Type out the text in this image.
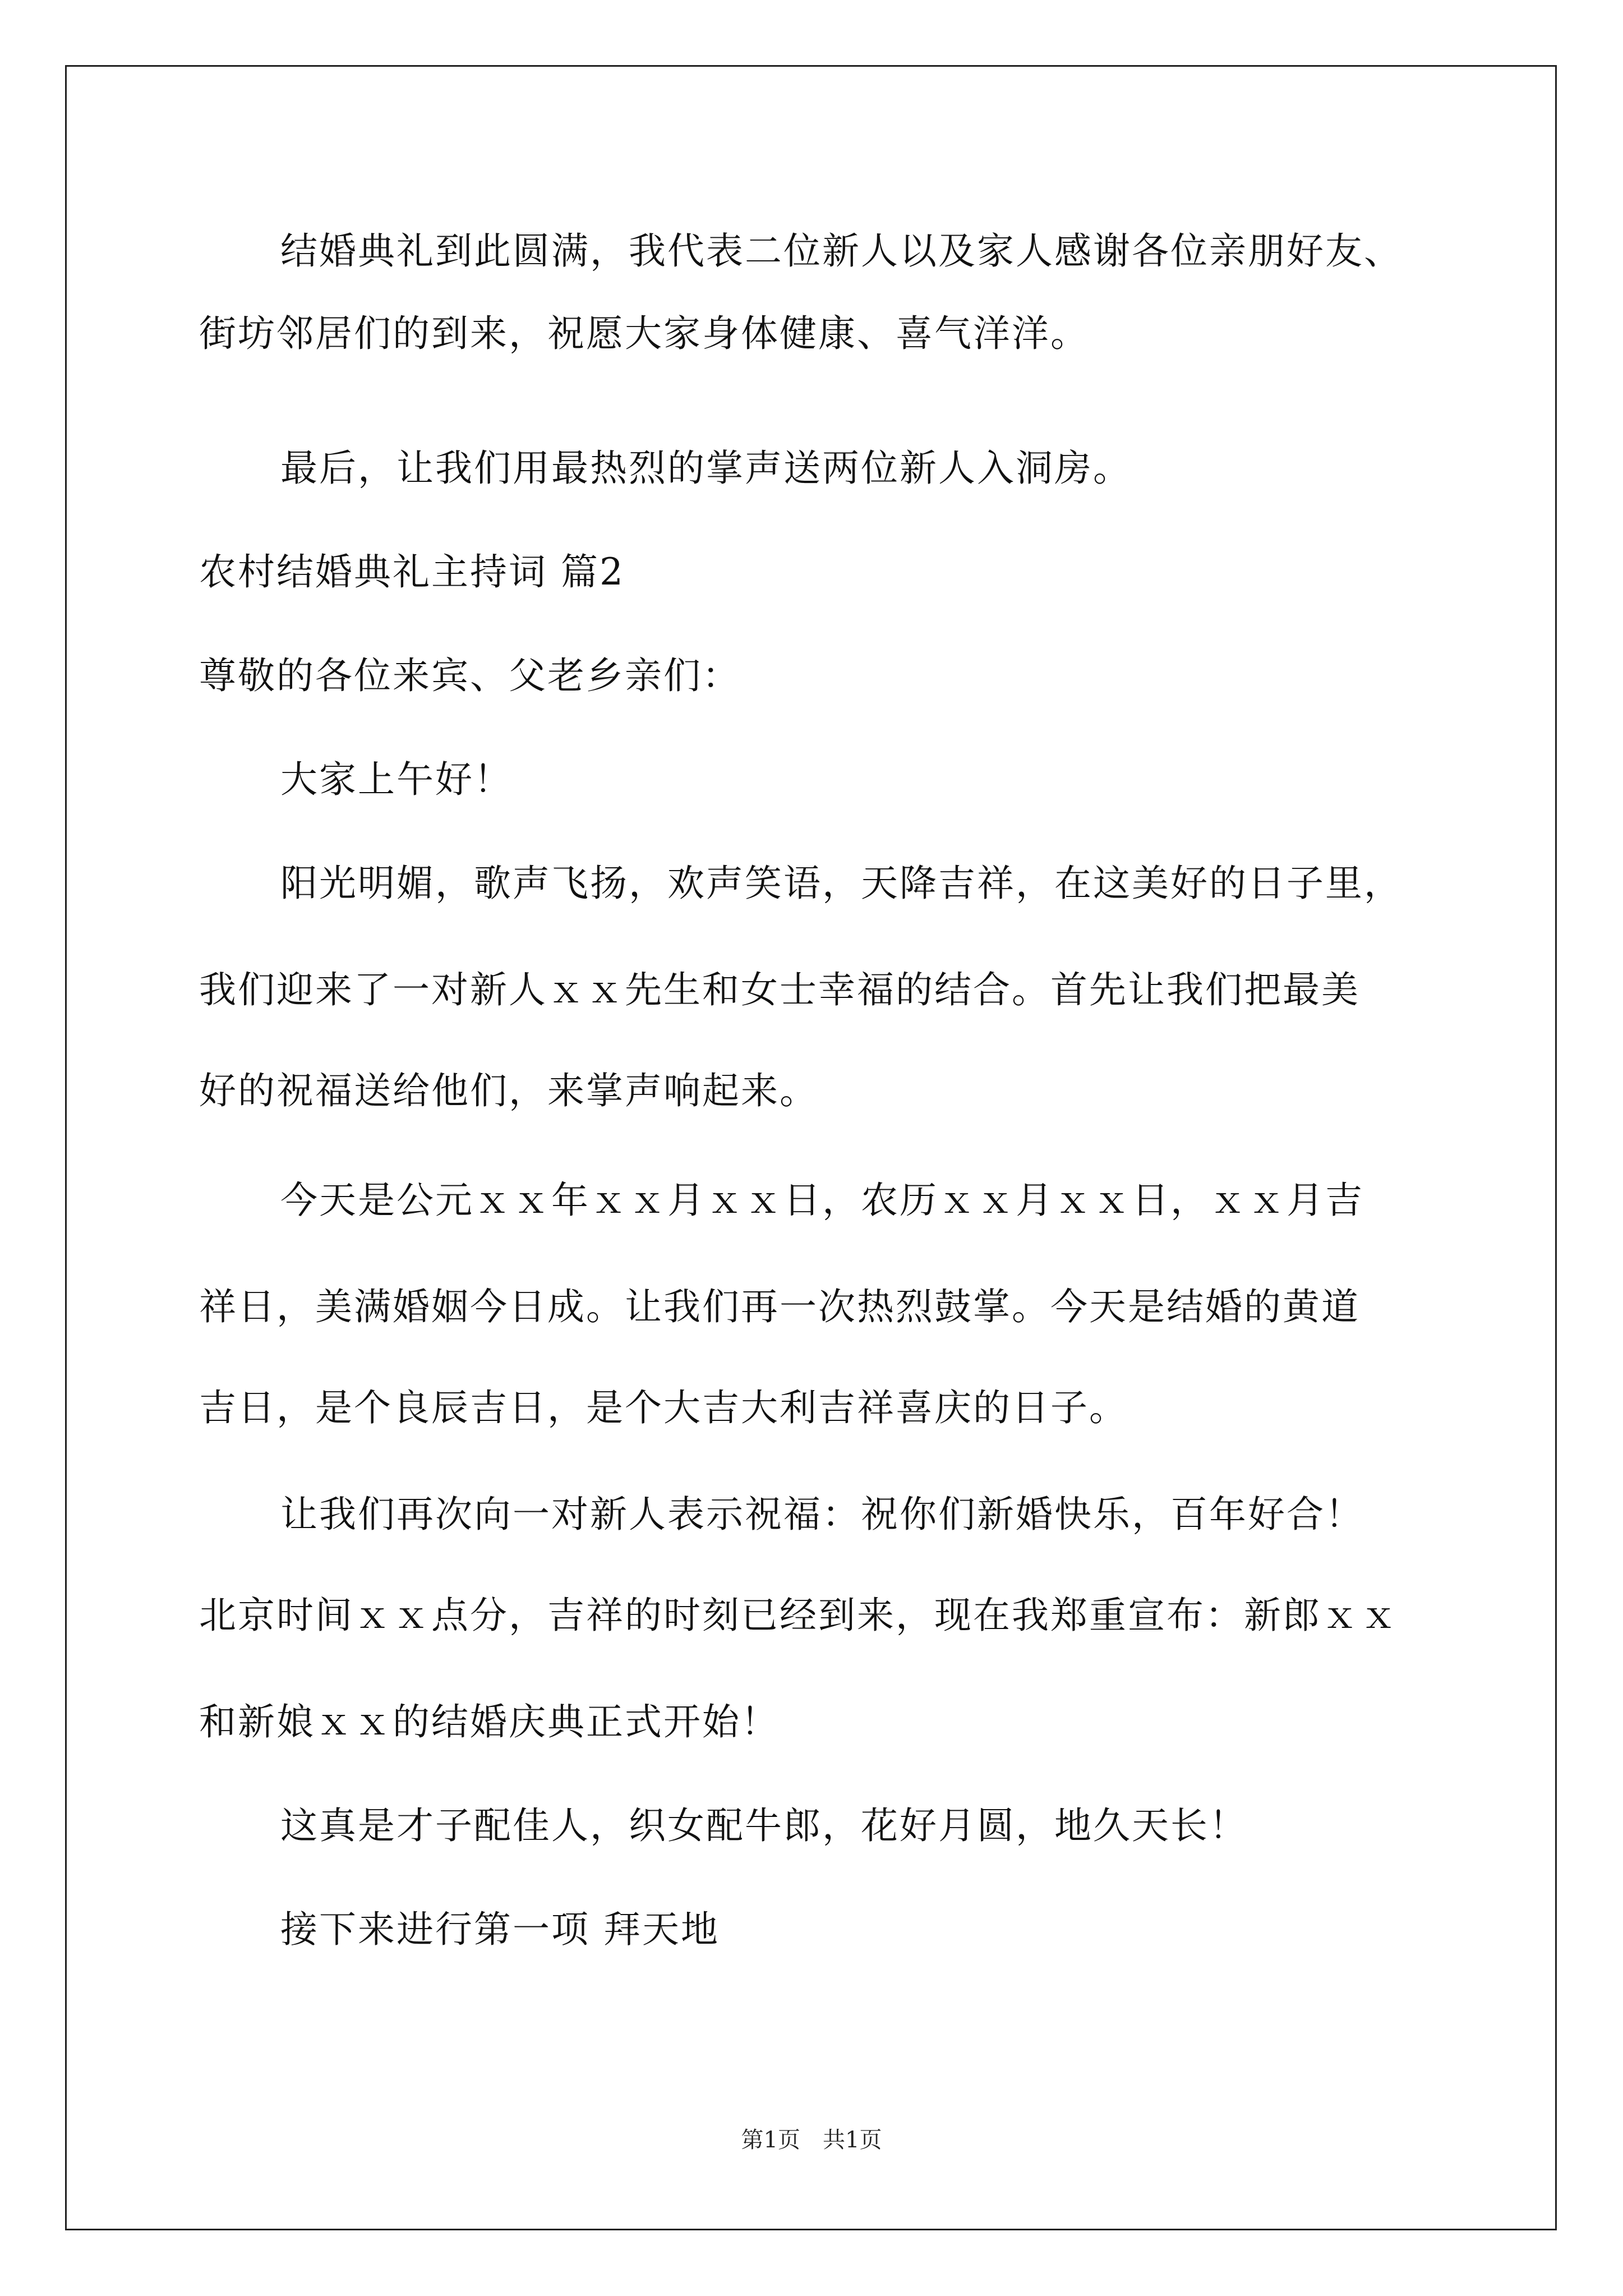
结婚典礼到此圆满，我代表二位新人以及家人感谢各位亲朋好友、
街坊邻居们的到来，祝愿大家身体健康、喜气洋洋。
最后，让我们用最热烈的掌声送两位新人入洞房。
农村结婚典礼主持词 篇2
尊敬的各位来宾、父老乡亲们：
大家上午好！
阳光明媚，歌声飞扬，欢声笑语，天降吉祥，在这美好的日子里，
我们迎来了一对新人ｘｘ先生和女士幸福的结合。首先让我们把最美
好的祝福送给他们，来掌声响起来。
今天是公元ｘｘ年ｘｘ月ｘｘ日，农历ｘｘ月ｘｘ日，ｘｘ月吉
祥日，美满婚姻今日成。让我们再一次热烈鼓掌。今天是结婚的黄道
吉日，是个良辰吉日，是个大吉大利吉祥喜庆的日子。
让我们再次向一对新人表示祝福：祝你们新婚快乐，百年好合！
北京时间ｘｘ点分，吉祥的时刻已经到来，现在我郑重宣布：新郎ｘｘ
和新娘ｘｘ的结婚庆典正式开始！
这真是才子配佳人，织女配牛郎，花好月圆，地久天长！
接下来进行第一项 拜天地
第1页　共1页
